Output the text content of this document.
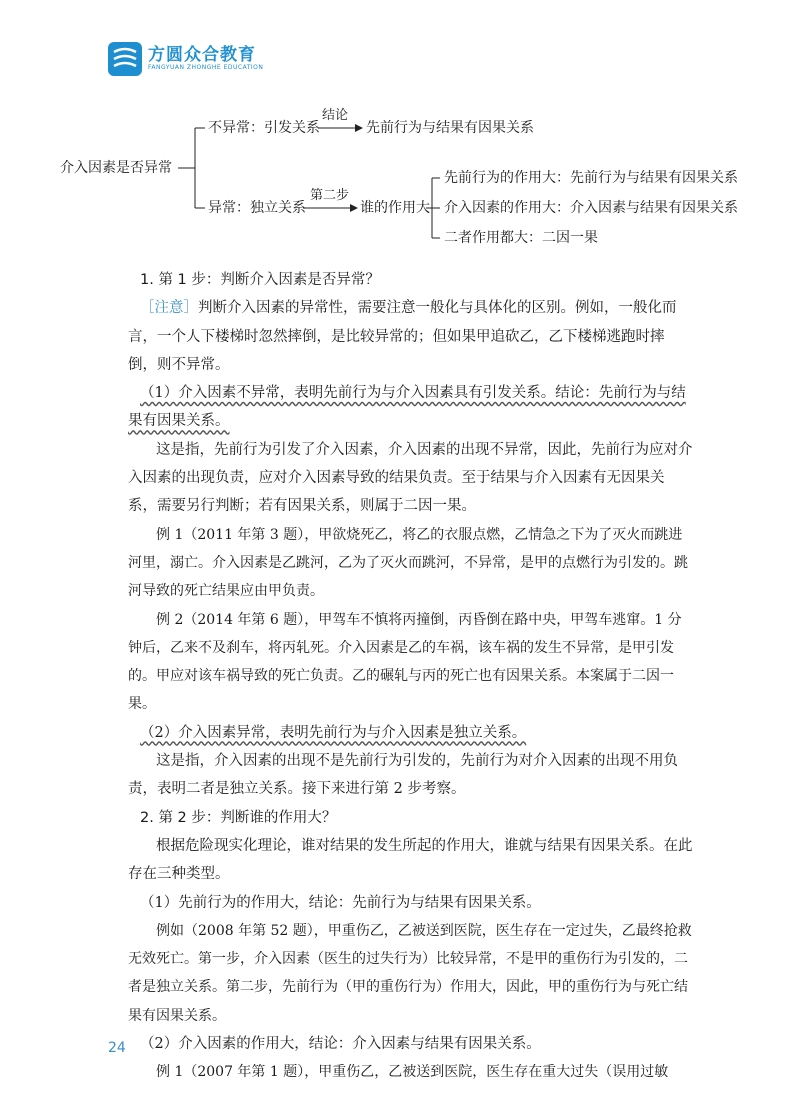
方圆众合教育
FANGYUAN ZHONGHE EDUCATION
介入因素是否异常
不异常：引发关系
结论
先前行为与结果有因果关系
异常：独立关系
第二步
谁的作用大
先前行为的作用大：先前行为与结果有因果关系
介入因素的作用大：介入因素与结果有因果关系
二者作用都大：二因一果

1. 第 1 步：判断介入因素是否异常？

［注意］判断介入因素的异常性，需要注意一般化与具体化的区别。例如，一般化而言，一个人下楼梯时忽然摔倒，是比较异常的；但如果甲追砍乙，乙下楼梯逃跑时摔倒，则不异常。

（1）介入因素不异常，表明先前行为与介入因素具有引发关系。结论：先前行为与结果有因果关系。

这是指，先前行为引发了介入因素，介入因素的出现不异常，因此，先前行为应对介入因素的出现负责，应对介入因素导致的结果负责。至于结果与介入因素有无因果关系，需要另行判断；若有因果关系，则属于二因一果。

例 1（2011 年第 3 题），甲欲烧死乙，将乙的衣服点燃，乙情急之下为了灭火而跳进河里，溺亡。介入因素是乙跳河，乙为了灭火而跳河，不异常，是甲的点燃行为引发的。跳河导致的死亡结果应由甲负责。

例 2（2014 年第 6 题），甲驾车不慎将丙撞倒，丙昏倒在路中央，甲驾车逃窜。1 分钟后，乙来不及刹车，将丙轧死。介入因素是乙的车祸，该车祸的发生不异常，是甲引发的。甲应对该车祸导致的死亡负责。乙的碾轧与丙的死亡也有因果关系。本案属于二因一果。

（2）介入因素异常，表明先前行为与介入因素是独立关系。

这是指，介入因素的出现不是先前行为引发的，先前行为对介入因素的出现不用负责，表明二者是独立关系。接下来进行第 2 步考察。

2. 第 2 步：判断谁的作用大？

根据危险现实化理论，谁对结果的发生所起的作用大，谁就与结果有因果关系。在此存在三种类型。

（1）先前行为的作用大，结论：先前行为与结果有因果关系。

例如（2008 年第 52 题），甲重伤乙，乙被送到医院，医生存在一定过失，乙最终抢救无效死亡。第一步，介入因素（医生的过失行为）比较异常，不是甲的重伤行为引发的，二者是独立关系。第二步，先前行为（甲的重伤行为）作用大，因此，甲的重伤行为与死亡结果有因果关系。

（2）介入因素的作用大，结论：介入因素与结果有因果关系。

例 1（2007 年第 1 题），甲重伤乙，乙被送到医院，医生存在重大过失（误用过敏

24
